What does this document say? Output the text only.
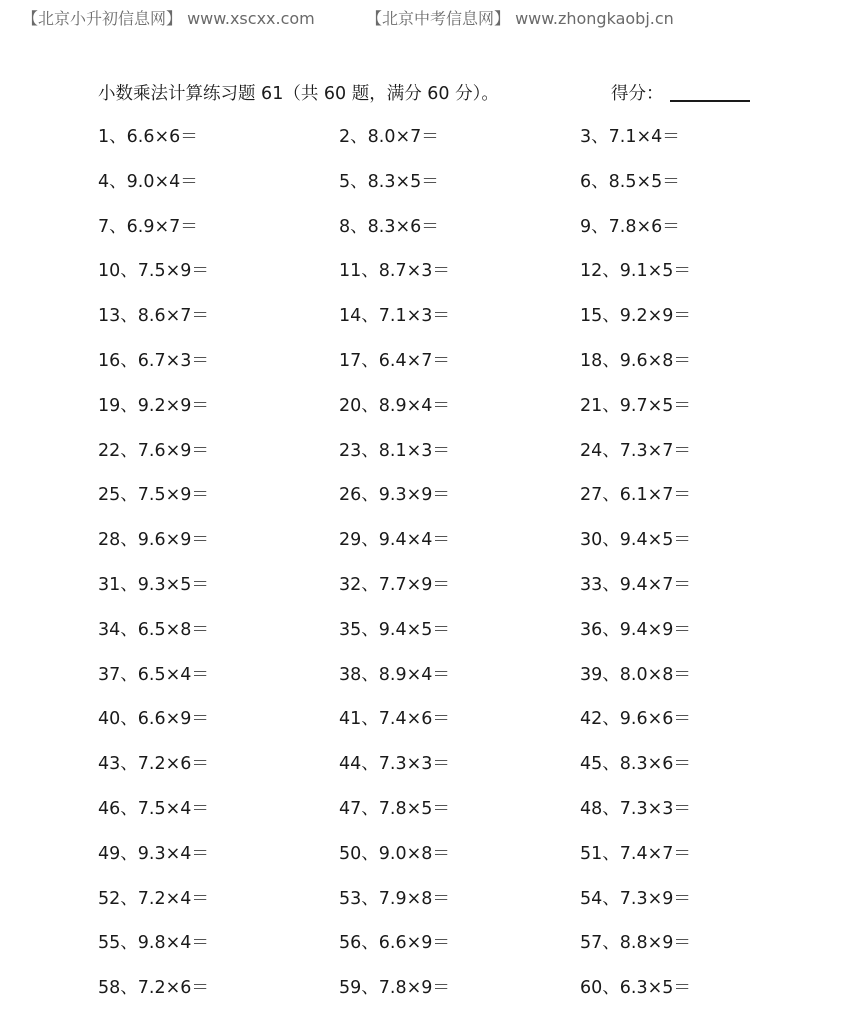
【北京小升初信息网】 www.xscxx.com	【北京中考信息网】 www.zhongkaobj.cn
小数乘法计算练习题 61（共 60 题，满分 60 分）。	得分：
1、6.6×6＝	2、8.0×7＝	3、7.1×4＝
4、9.0×4＝	5、8.3×5＝	6、8.5×5＝
7、6.9×7＝	8、8.3×6＝	9、7.8×6＝
10、7.5×9＝	11、8.7×3＝	12、9.1×5＝
13、8.6×7＝	14、7.1×3＝	15、9.2×9＝
16、6.7×3＝	17、6.4×7＝	18、9.6×8＝
19、9.2×9＝	20、8.9×4＝	21、9.7×5＝
22、7.6×9＝	23、8.1×3＝	24、7.3×7＝
25、7.5×9＝	26、9.3×9＝	27、6.1×7＝
28、9.6×9＝	29、9.4×4＝	30、9.4×5＝
31、9.3×5＝	32、7.7×9＝	33、9.4×7＝
34、6.5×8＝	35、9.4×5＝	36、9.4×9＝
37、6.5×4＝	38、8.9×4＝	39、8.0×8＝
40、6.6×9＝	41、7.4×6＝	42、9.6×6＝
43、7.2×6＝	44、7.3×3＝	45、8.3×6＝
46、7.5×4＝	47、7.8×5＝	48、7.3×3＝
49、9.3×4＝	50、9.0×8＝	51、7.4×7＝
52、7.2×4＝	53、7.9×8＝	54、7.3×9＝
55、9.8×4＝	56、6.6×9＝	57、8.8×9＝
58、7.2×6＝	59、7.8×9＝	60、6.3×5＝
